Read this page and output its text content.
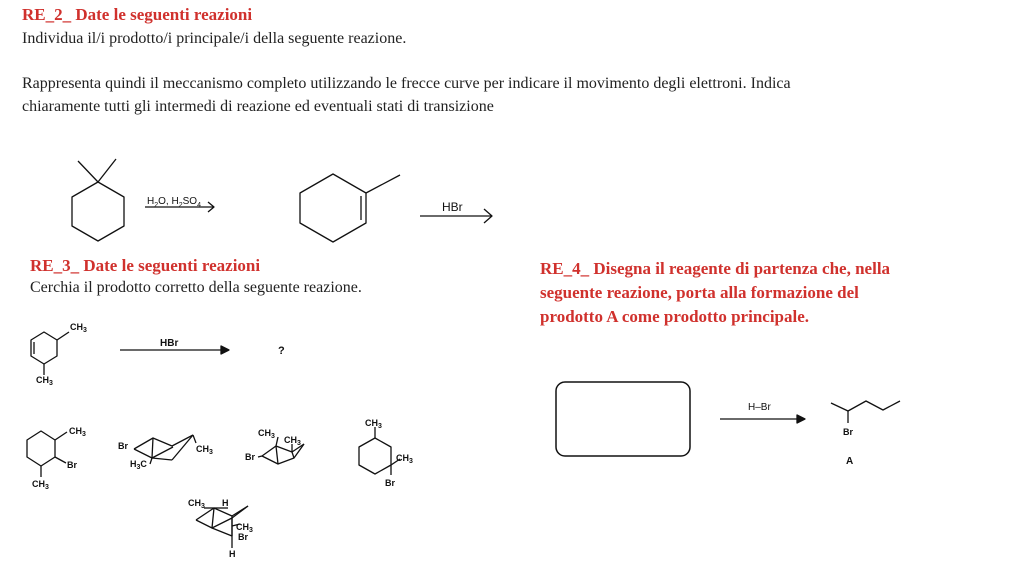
RE_2_ Date le seguenti reazioni
Individua il/i prodotto/i principale/i della seguente reazione.
Rappresenta quindi il meccanismo completo utilizzando le frecce curve per indicare il movimento degli elettroni. Indica
chiaramente tutti gli intermedi di reazione ed eventuali stati di transizione
RE_3_ Date le seguenti reazioni
Cerchia il prodotto corretto della seguente reazione.
RE_4_ Disegna il reagente di partenza che, nella
seguente reazione, porta alla formazione del
prodotto A come prodotto principale.
$H_2O$, $H_2SO_4$	HBr
$CH_3$
$CH_3$
HBr
?
$CH_3$
Br
$CH_3$
Br	$CH_3$
$H_3C$
$CH_3$ $CH_3$
Br
$CH_3$
$CH_3$
Br
$CH_3$ H
$CH_3$
Br
H
H–Br
Br
A
